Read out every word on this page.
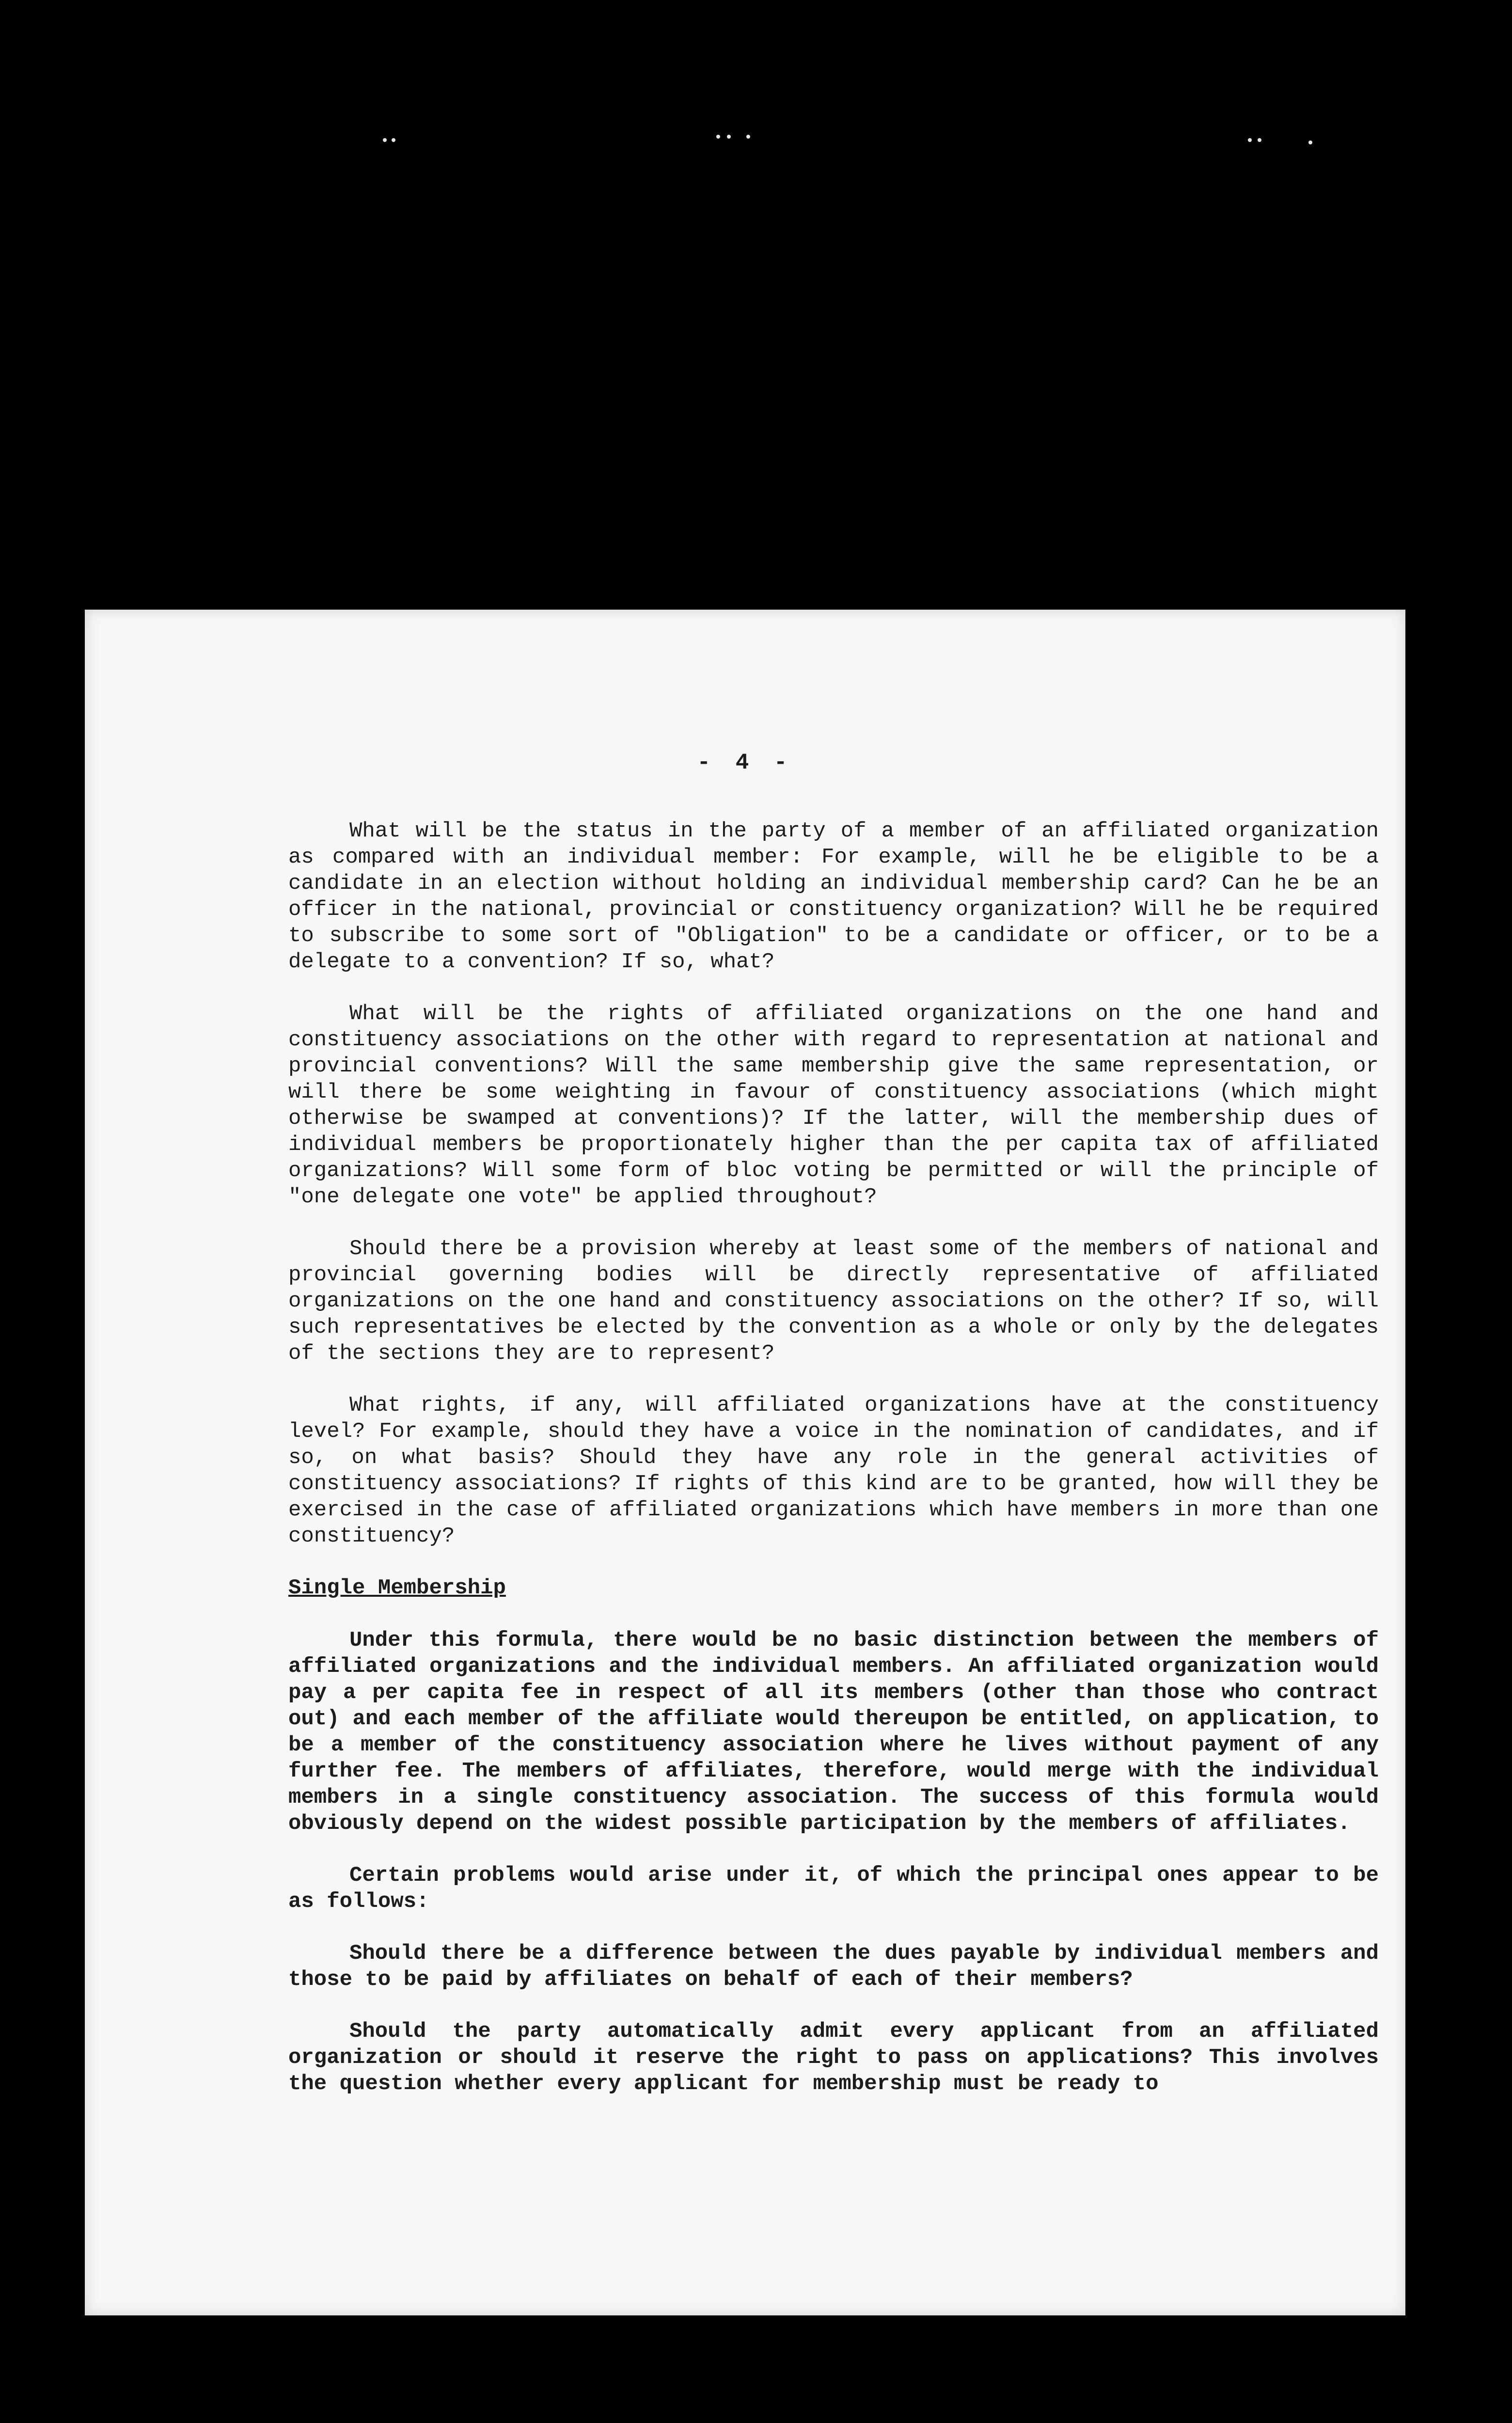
- 4 -

What will be the status in the party of a member of an affiliated organization as compared with an individual member: For example, will he be eligible to be a candidate in an election without holding an individual membership card? Can he be an officer in the national, provincial or constituency organization? Will he be required to subscribe to some sort of "Obligation" to be a candidate or officer, or to be a delegate to a convention? If so, what?

What will be the rights of affiliated organizations on the one hand and constituency associations on the other with regard to representation at national and provincial conventions? Will the same membership give the same representation, or will there be some weighting in favour of constituency associations (which might otherwise be swamped at conventions)? If the latter, will the membership dues of individual members be proportionately higher than the per capita tax of affiliated organizations? Will some form of bloc voting be permitted or will the principle of "one delegate one vote" be applied throughout?

Should there be a provision whereby at least some of the members of national and provincial governing bodies will be directly representative of affiliated organizations on the one hand and constituency associations on the other? If so, will such representatives be elected by the convention as a whole or only by the delegates of the sections they are to represent?

What rights, if any, will affiliated organizations have at the constituency level? For example, should they have a voice in the nomination of candidates, and if so, on what basis? Should they have any role in the general activities of constituency associations? If rights of this kind are to be granted, how will they be exercised in the case of affiliated organizations which have members in more than one constituency?

Single Membership

Under this formula, there would be no basic distinction between the members of affiliated organizations and the individual members. An affiliated organization would pay a per capita fee in respect of all its members (other than those who contract out) and each member of the affiliate would thereupon be entitled, on application, to be a member of the constituency association where he lives without payment of any further fee. The members of affiliates, therefore, would merge with the individual members in a single constituency association. The success of this formula would obviously depend on the widest possible participation by the members of affiliates.

Certain problems would arise under it, of which the principal ones appear to be as follows:

Should there be a difference between the dues payable by individual members and those to be paid by affiliates on behalf of each of their members?

Should the party automatically admit every applicant from an affiliated organization or should it reserve the right to pass on applications? This involves the question whether every applicant for membership must be ready to
